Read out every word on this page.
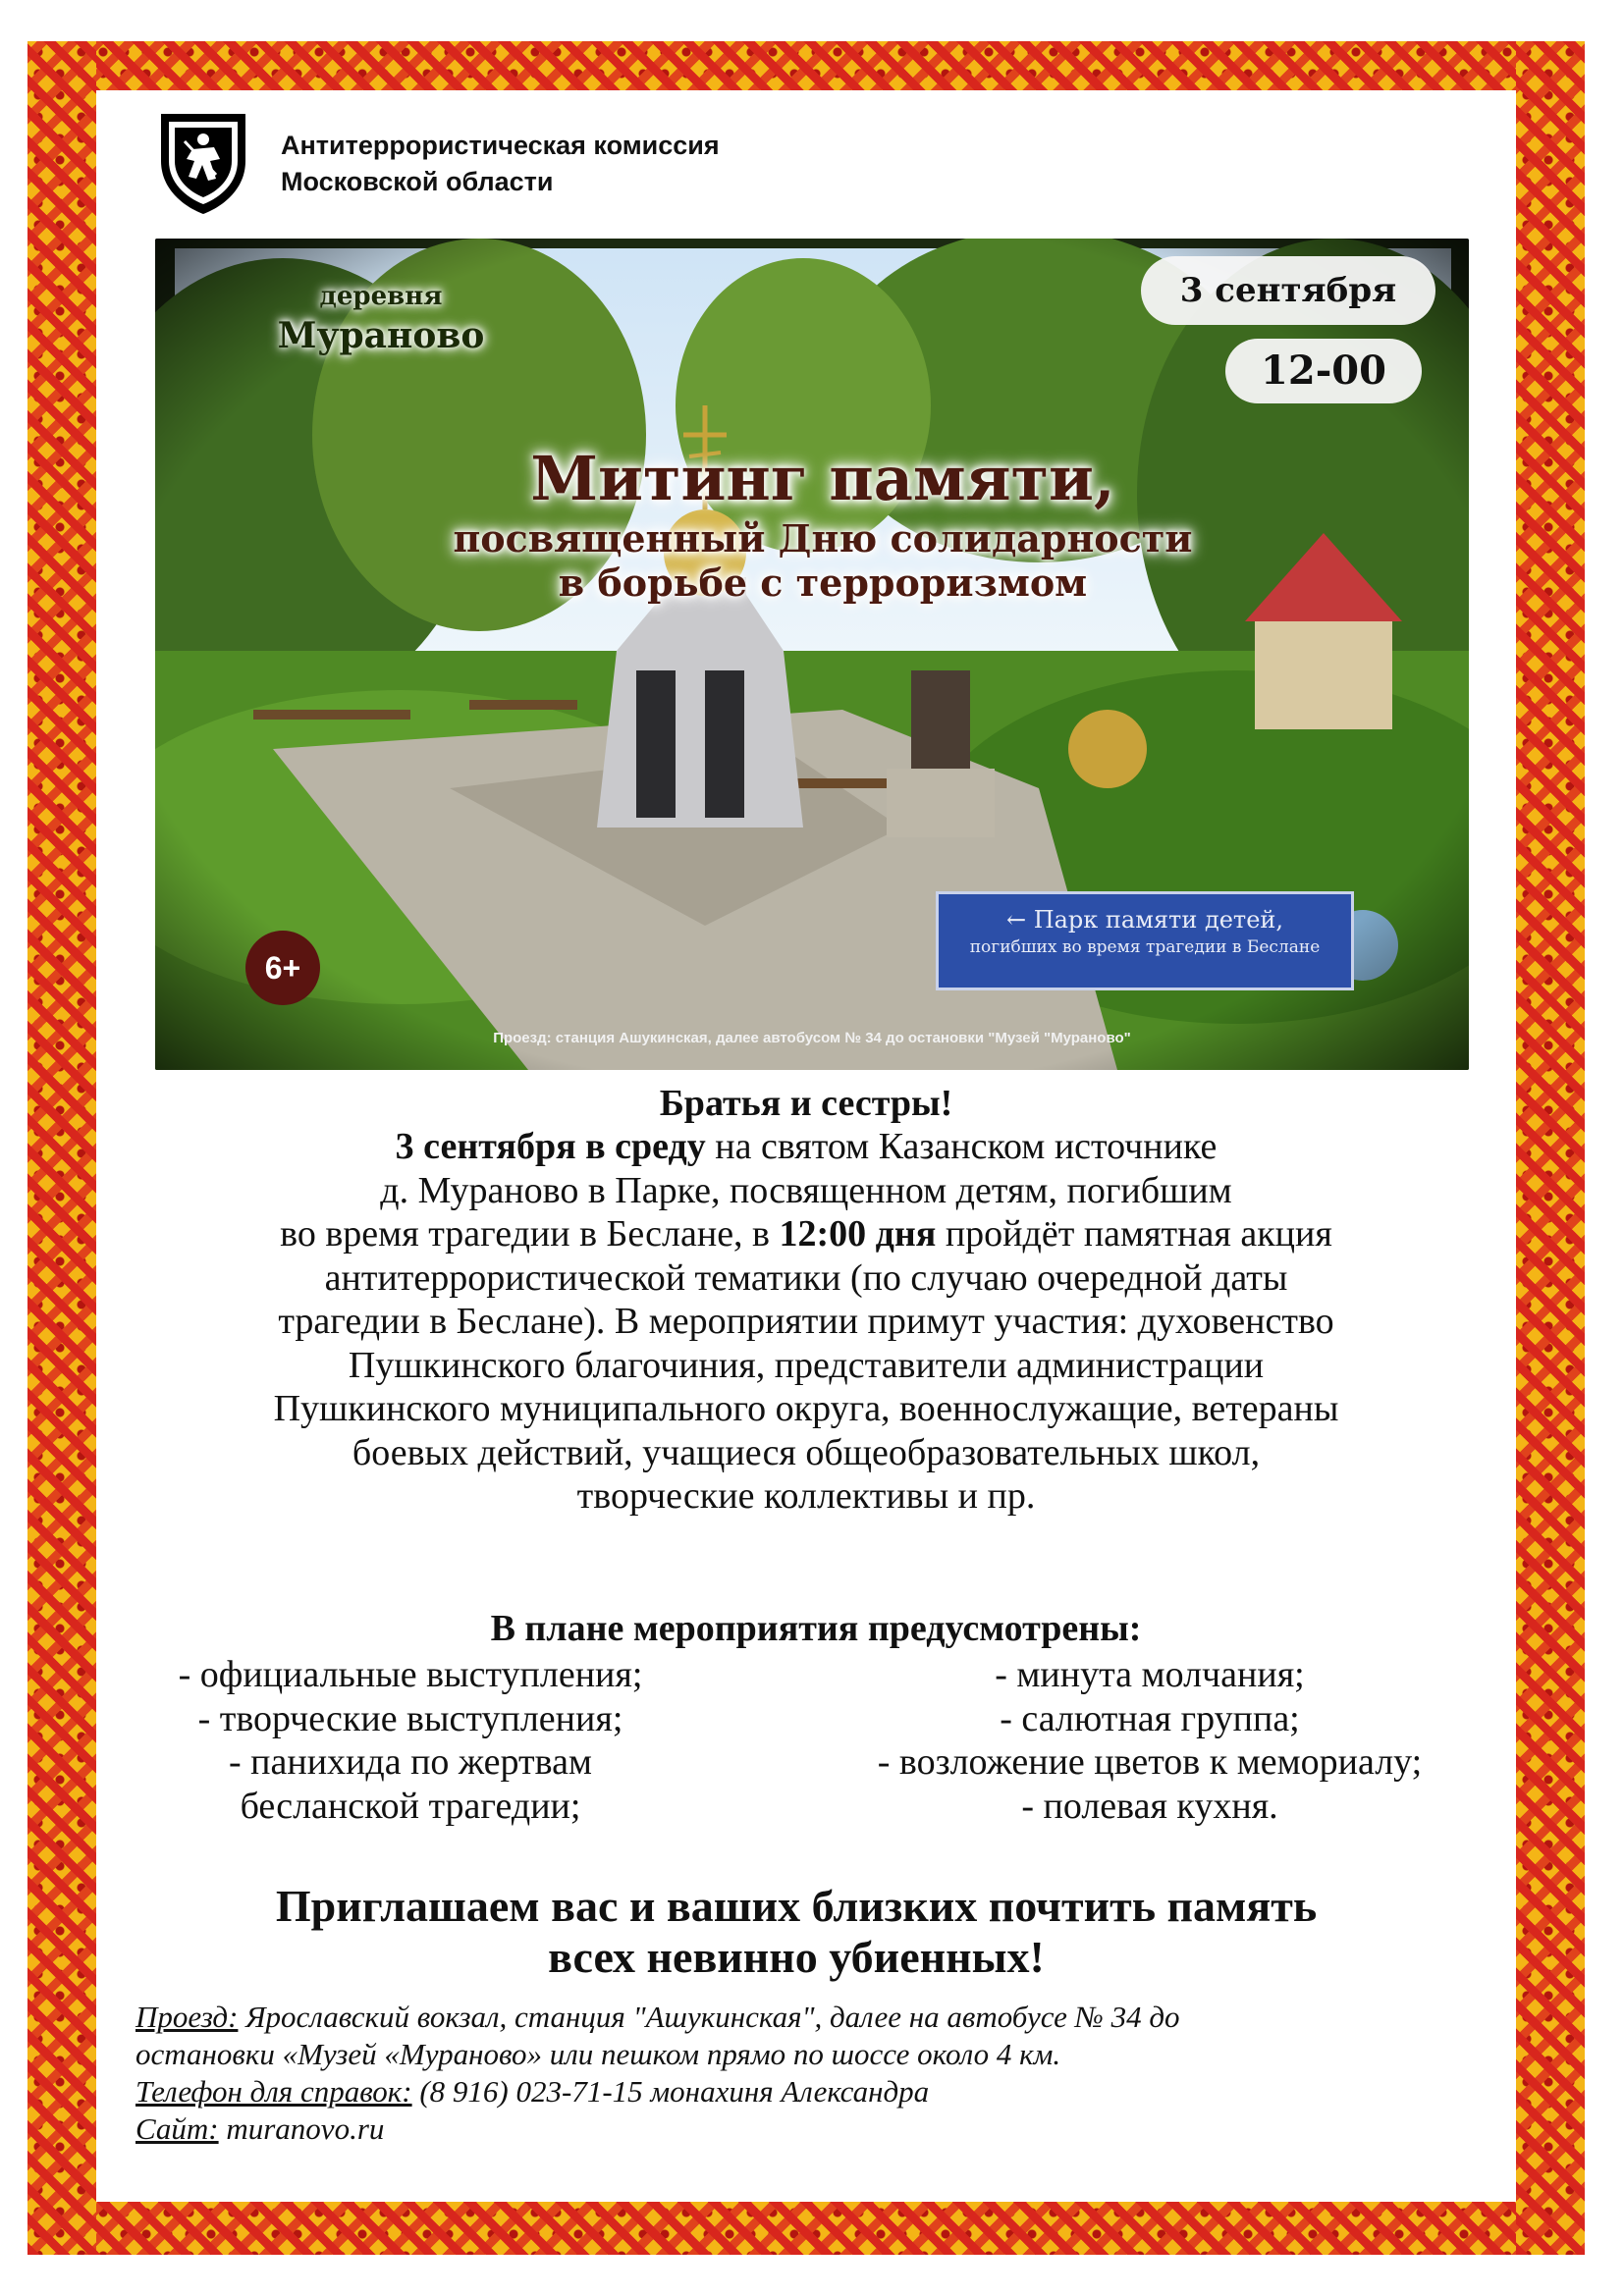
Антитеррористическая комиссия
Московской области
деревня
Мураново
3 сентября
12-00
Митинг памяти,
посвященный Дню солидарности
в борьбе с терроризмом
← Парк памяти детей,
погибших во время трагедии в Беслане
6+
Проезд: станция Ашукинская, далее автобусом № 34 до остановки "Музей "Мураново"
Братья и сестры!
3 сентября в среду на святом Казанском источнике
д. Мураново в Парке, посвященном детям, погибшим
во время трагедии в Беслане, в 12:00 дня пройдёт памятная акция
антитеррористической тематики (по случаю очередной даты
трагедии в Беслане). В мероприятии примут участия: духовенство
Пушкинского благочиния, представители администрации
Пушкинского муниципального округа, военнослужащие, ветераны
боевых действий, учащиеся общеобразовательных школ,
творческие коллективы и пр.
В плане мероприятия предусмотрены:
- официальные выступления;
- творческие выступления;
- панихида по жертвам
бесланской трагедии;
- минута молчания;
- салютная группа;
- возложение цветов к мемориалу;
- полевая кухня.
Приглашаем вас и ваших близких почтить память
всех невинно убиенных!
Проезд: Ярославский вокзал, станция "Ашукинская", далее на автобусе № 34 до
остановки «Музей «Мураново» или пешком прямо по шоссе около 4 км.
Телефон для справок: (8 916) 023-71-15 монахиня Александра
Сайт: muranovo.ru
